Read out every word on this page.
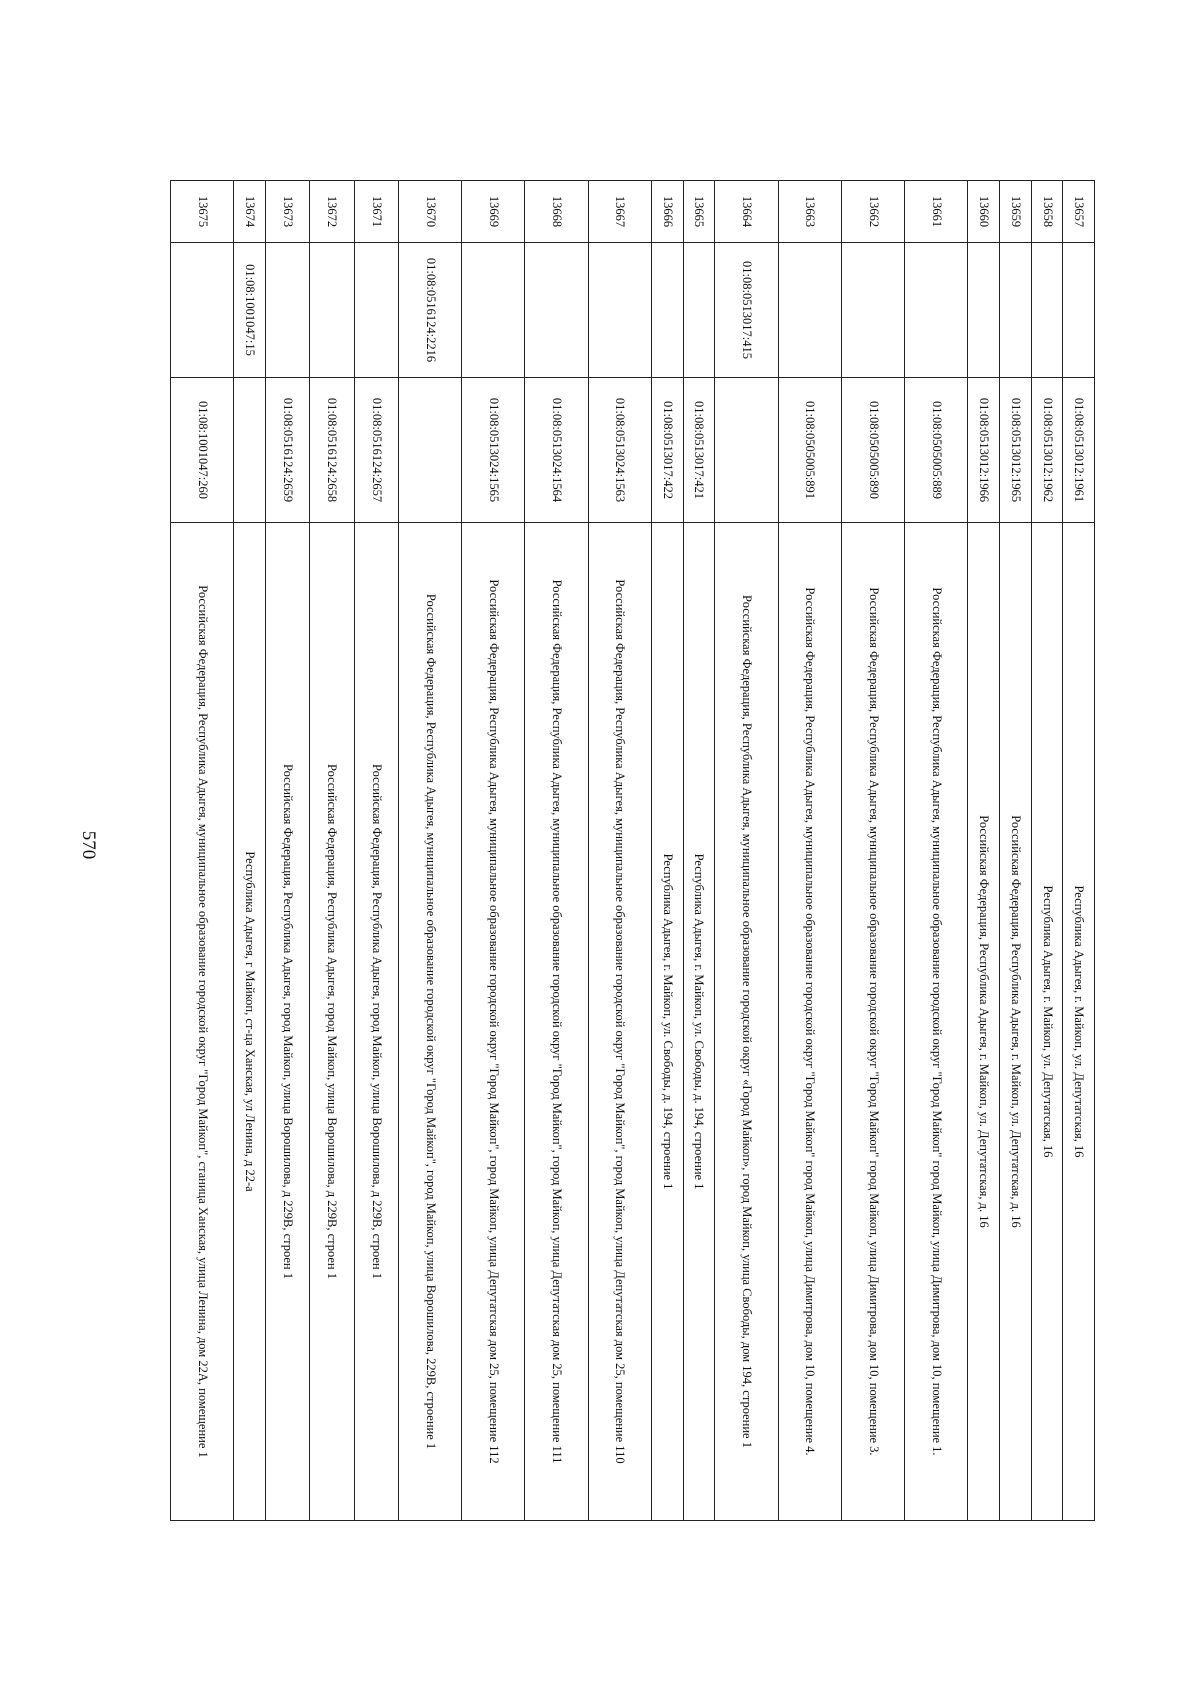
570
13657		01:08:0513012:1961	Республика Адыгея, г. Майкоп, ул. Депутатская, 16
13658		01:08:0513012:1962	Республика Адыгея, г. Майкоп, ул. Депутатская, 16
13659		01:08:0513012:1965	Российская Федерация, Республика Адыгея, г. Майкоп, ул. Депутатская, д. 16
13660		01:08:0513012:1966	Российская Федерация, Республика Адыгея, г. Майкоп, ул. Депутатская, д. 16
13661		01:08:0505005:889	Российская Федерация, Республика Адыгея, муниципальное образование городской округ "Город Майкоп" город Майкоп, улица Димитрова, дом 10, помещение 1.
13662		01:08:0505005:890	Российская Федерация, Республика Адыгея, муниципальное образование городской округ "Город Майкоп" город Майкоп, улица Димитрова, дом 10, помещение 3.
13663		01:08:0505005:891	Российская Федерация, Республика Адыгея, муниципальное образование городской округ "Город Майкоп" город Майкоп, улица Димитрова, дом 10, помещение 4.
13664	01:08:0513017:415		Российская Федерация, Республика Адыгея, муниципальное образование городской округ «Город Майкоп», город Майкоп, улица Свободы, дом 194, строение 1
13665		01:08:0513017:421	Республика Адыгея, г. Майкоп, ул. Свободы, д. 194, строение 1
13666		01:08:0513017:422	Республика Адыгея, г. Майкоп, ул. Свободы, д. 194, строение 1
13667		01:08:0513024:1563	Российская Федерация, Республика Адыгея, муниципальное образование городской округ "Город Майкоп", город Майкоп, улица Депутатская дом 25, помещение 110
13668		01:08:0513024:1564	Российская Федерация, Республика Адыгея, муниципальное образование городской округ "Город Майкоп", город Майкоп, улица Депутатская дом 25, помещение 111
13669		01:08:0513024:1565	Российская Федерация, Республика Адыгея, муниципальное образование городской округ "Город Майкоп", город Майкоп, улица Депутатская дом 25, помещение 112
13670	01:08:0516124:2216		Российская Федерация, Республика Адыгея, муниципальное образование городской округ "Город Майкоп", город Майкоп, улица Ворошилова, 229В, строение 1
13671		01:08:0516124:2657	Российская Федерация, Республика Адыгея, город Майкоп, улица Ворошилова, д 229В, строен 1
13672		01:08:0516124:2658	Российская Федерация, Республика Адыгея, город Майкоп, улица Ворошилова, д 229В, строен 1
13673		01:08:0516124:2659	Российская Федерация, Республика Адыгея, город Майкоп, улица Ворошилова, д 229В, строен 1
13674	01:08:1001047:15		Республика Адыгея, г Майкоп, ст-ца Ханская, ул Ленина, д 22-а
13675		01:08:1001047:260	Российская Федерация, Республика Адыгея, муниципальное образование городской округ "Город Майкоп", станица Ханская, улица Ленина, дом 22А, помещение 1
